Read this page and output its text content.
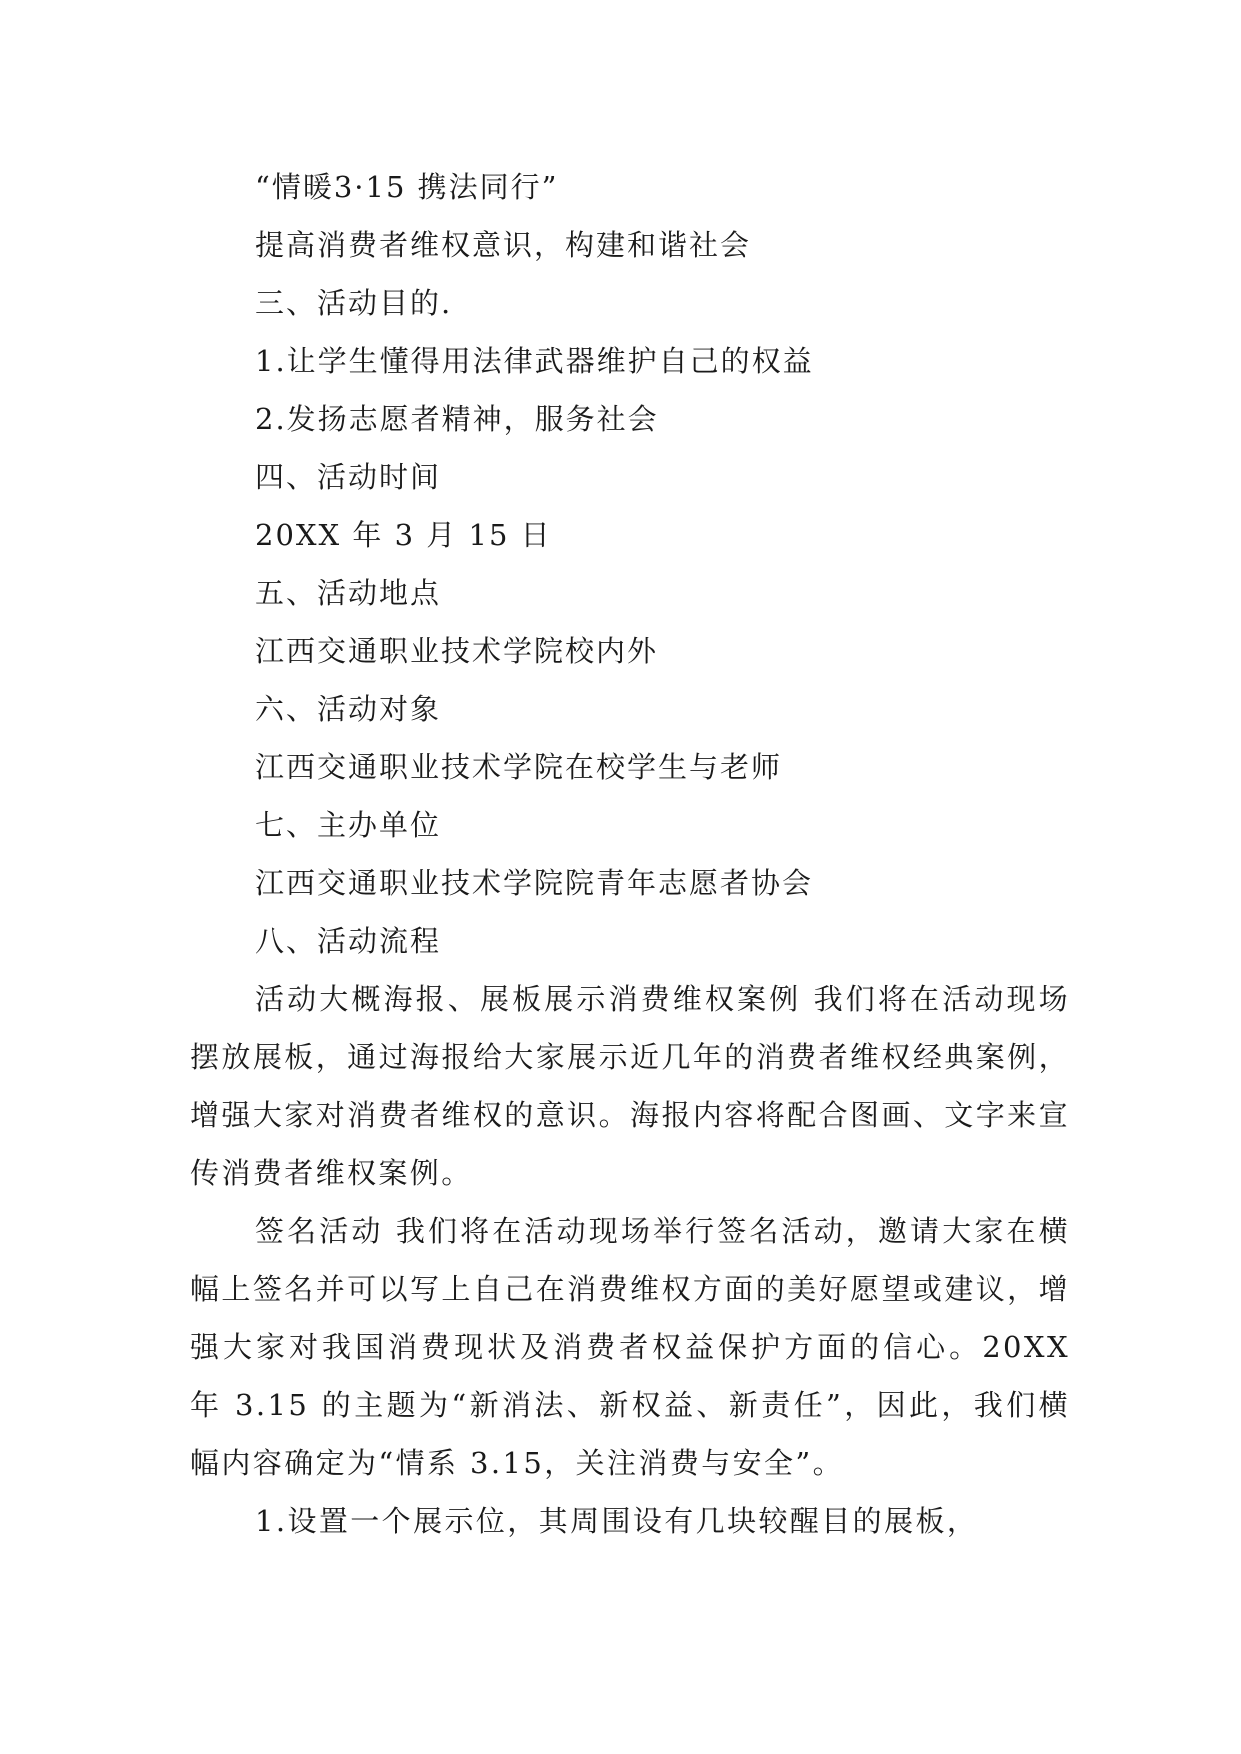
“情暖3·15 携法同行”
提高消费者维权意识，构建和谐社会
三、活动目的.
1.让学生懂得用法律武器维护自己的权益
2.发扬志愿者精神，服务社会
四、活动时间
20XX 年 3 月 15 日
五、活动地点
江西交通职业技术学院校内外
六、活动对象
江西交通职业技术学院在校学生与老师
七、主办单位
江西交通职业技术学院院青年志愿者协会
八、活动流程

活动大概海报、展板展示消费维权案例 我们将在活动现场摆放展板，通过海报给大家展示近几年的消费者维权经典案例，增强大家对消费者维权的意识。海报内容将配合图画、文字来宣传消费者维权案例。

签名活动 我们将在活动现场举行签名活动，邀请大家在横幅上签名并可以写上自己在消费维权方面的美好愿望或建议，增强大家对我国消费现状及消费者权益保护方面的信心。20XX 年 3.15 的主题为“新消法、新权益、新责任”，因此，我们横幅内容确定为“情系 3.15，关注消费与安全”。

1.设置一个展示位，其周围设有几块较醒目的展板，
